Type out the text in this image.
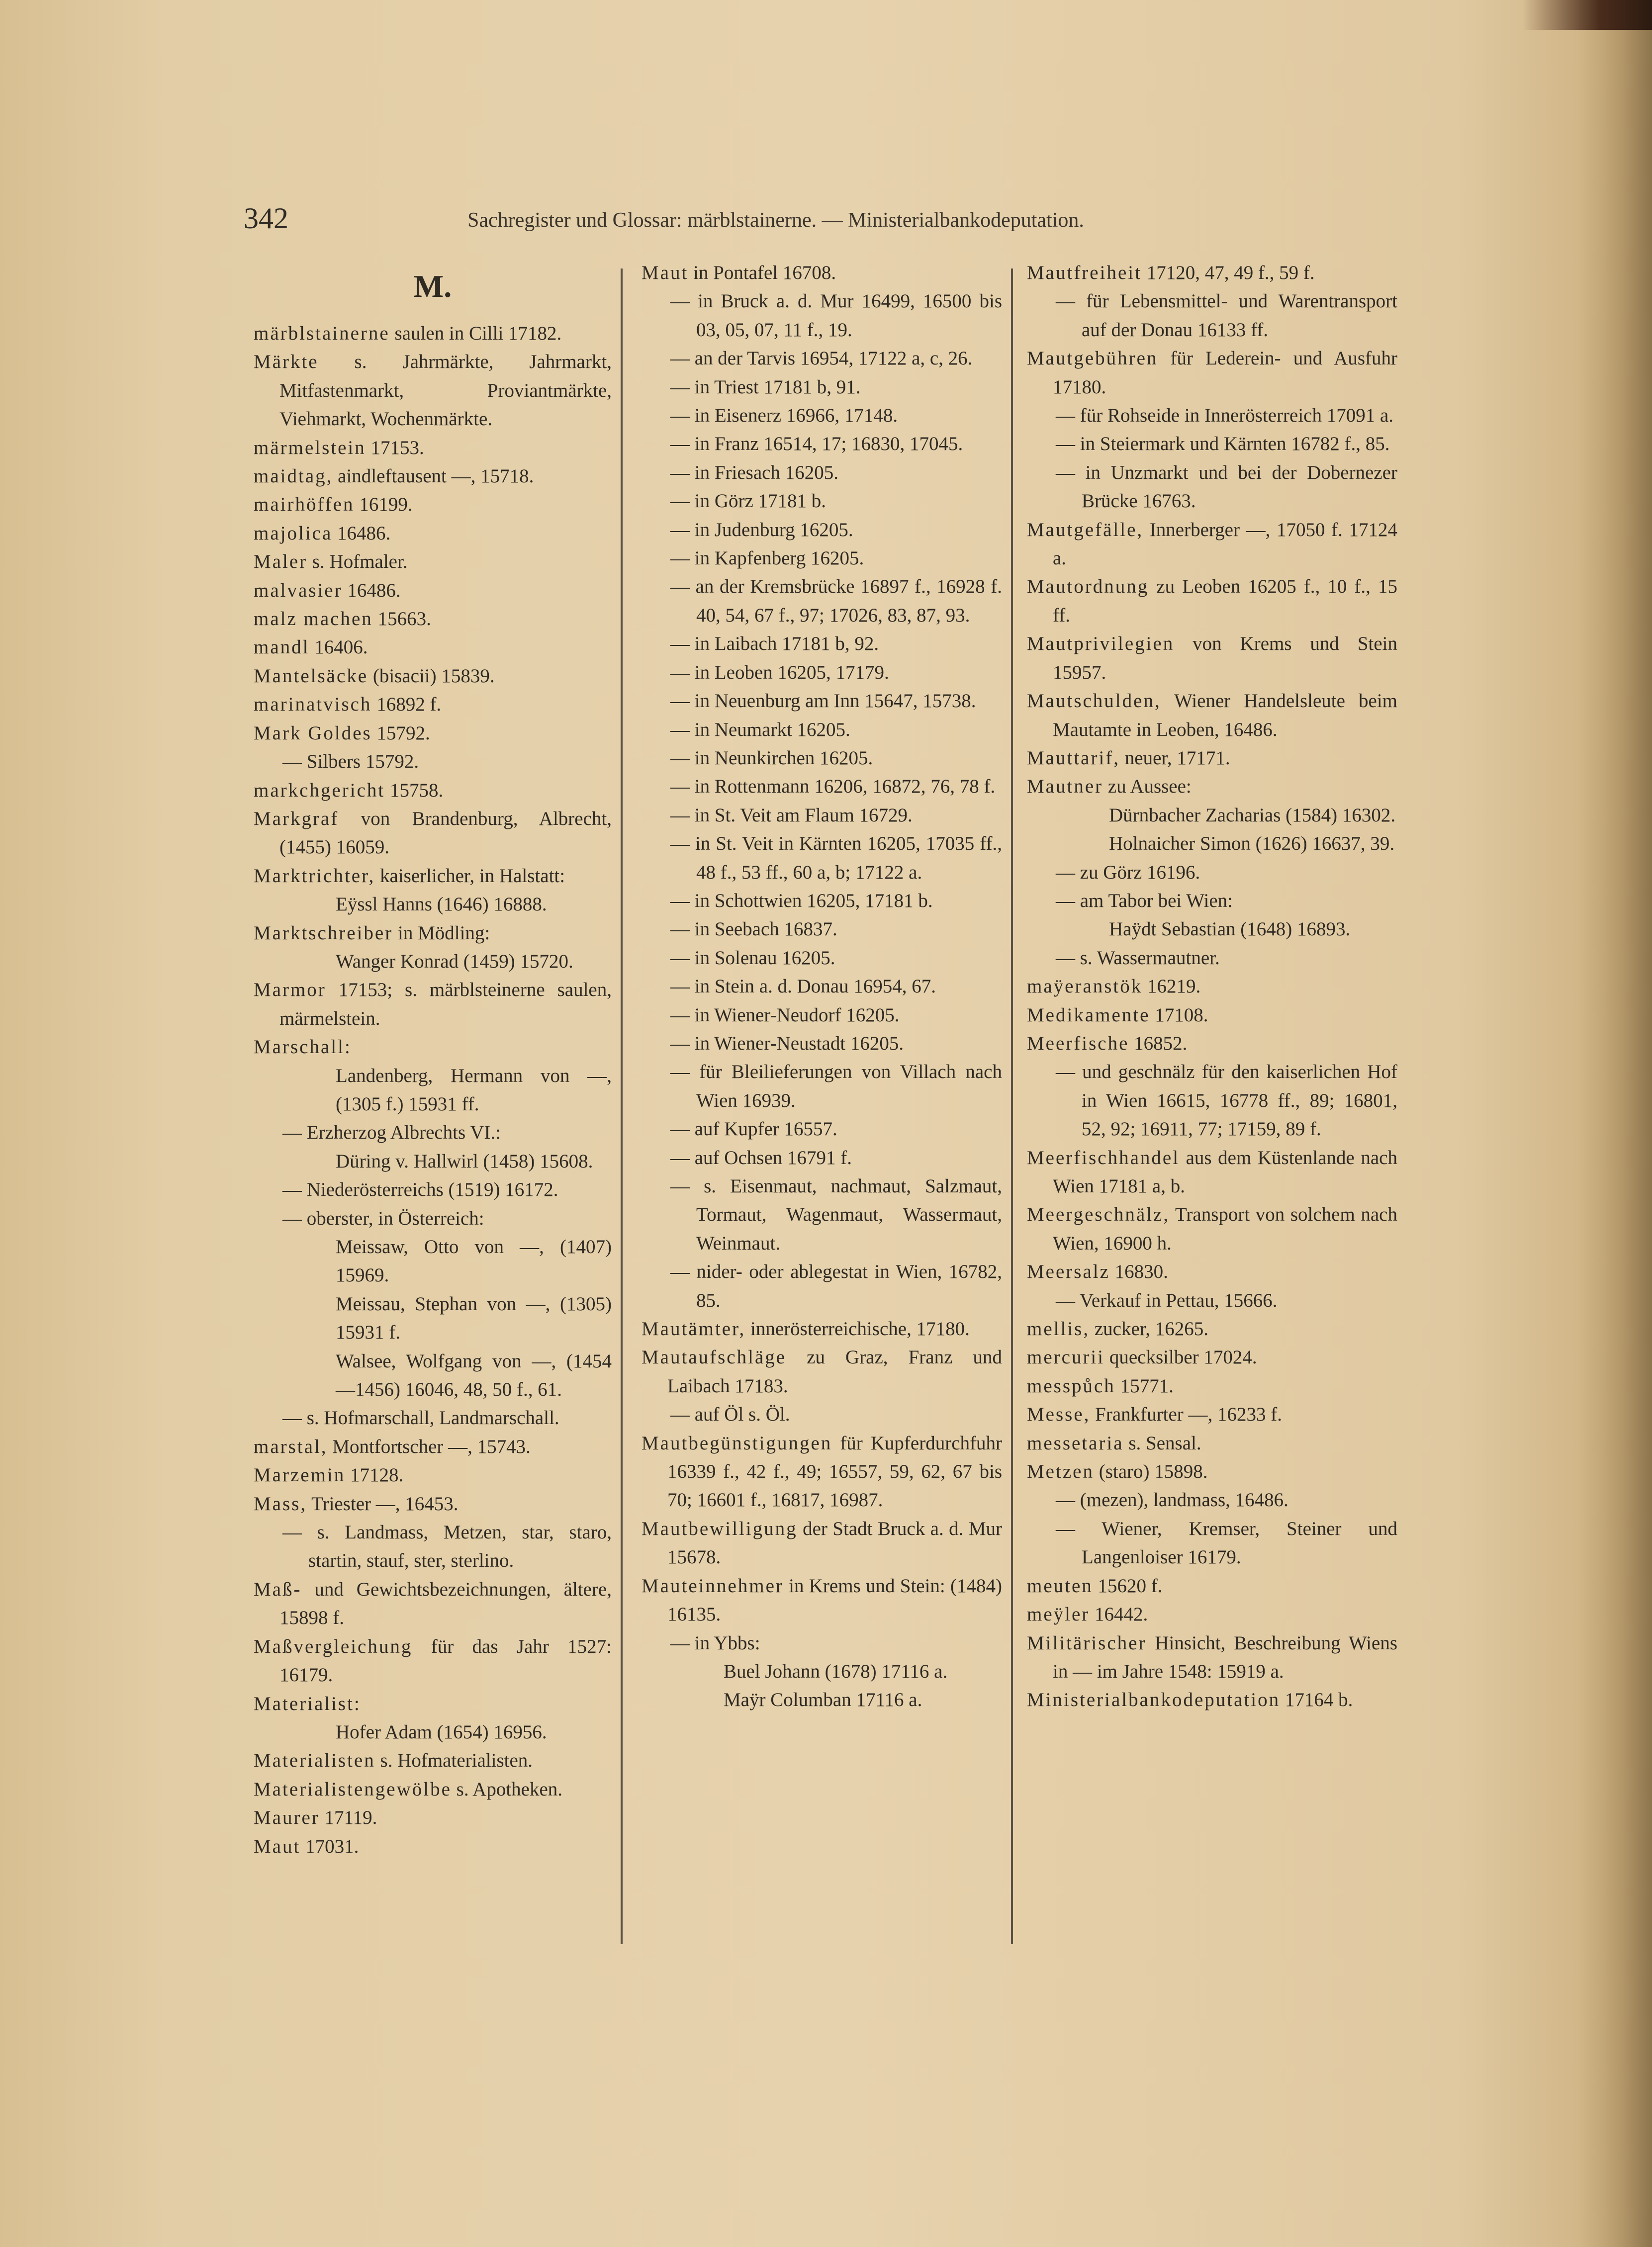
342	Sachregister und Glossar: märblstainerne. — Ministerialbankodeputation.
M.

märblstainerne saulen in Cilli 17182.

Märkte s. Jahrmärkte, Jahrmarkt, Mitfastenmarkt, Proviantmärkte, Viehmarkt, Wochenmärkte.

märmelstein 17153.

maidtag, aindleftausent —, 15718.

mairhöffen 16199.

majolica 16486.

Maler s. Hofmaler.

malvasier 16486.

malz machen 15663.

mandl 16406.

Mantelsäcke (bisacii) 15839.

marinatvisch 16892 f.

Mark Goldes 15792.

— Silbers 15792.

markchgericht 15758.

Markgraf von Brandenburg, Albrecht, (1455) 16059.

Marktrichter, kaiserlicher, in Halstatt:

Eÿssl Hanns (1646) 16888.

Marktschreiber in Mödling:

Wanger Konrad (1459) 15720.

Marmor 17153; s. märblsteinerne saulen, märmelstein.

Marschall:

Landenberg, Hermann von —, (1305 f.) 15931 ff.

— Erzherzog Albrechts VI.:

Düring v. Hallwirl (1458) 15608.

— Niederösterreichs (1519) 16172.

— oberster, in Österreich:

Meissaw, Otto von —, (1407) 15969.

Meissau, Stephan von —, (1305) 15931 f.

Walsee, Wolfgang von —, (1454 —1456) 16046, 48, 50 f., 61.

— s. Hofmarschall, Landmarschall.

marstal, Montfortscher —, 15743.

Marzemin 17128.

Mass, Triester —, 16453.

— s. Landmass, Metzen, star, staro, startin, stauf, ster, sterlino.

Maß- und Gewichtsbezeichnungen, ältere, 15898 f.

Maßvergleichung für das Jahr 1527: 16179.

Materialist:

Hofer Adam (1654) 16956.

Materialisten s. Hofmaterialisten.

Materialistengewölbe s. Apotheken.

Maurer 17119.

Maut 17031.

Maut in Pontafel 16708.

— in Bruck a. d. Mur 16499, 16500 bis 03, 05, 07, 11 f., 19.

— an der Tarvis 16954, 17122 a, c, 26.

— in Triest 17181 b, 91.

— in Eisenerz 16966, 17148.

— in Franz 16514, 17; 16830, 17045.

— in Friesach 16205.

— in Görz 17181 b.

— in Judenburg 16205.

— in Kapfenberg 16205.

— an der Kremsbrücke 16897 f., 16928 f. 40, 54, 67 f., 97; 17026, 83, 87, 93.

— in Laibach 17181 b, 92.

— in Leoben 16205, 17179.

— in Neuenburg am Inn 15647, 15738.

— in Neumarkt 16205.

— in Neunkirchen 16205.

— in Rottenmann 16206, 16872, 76, 78 f.

— in St. Veit am Flaum 16729.

— in St. Veit in Kärnten 16205, 17035 ff., 48 f., 53 ff., 60 a, b; 17122 a.

— in Schottwien 16205, 17181 b.

— in Seebach 16837.

— in Solenau 16205.

— in Stein a. d. Donau 16954, 67.

— in Wiener-Neudorf 16205.

— in Wiener-Neustadt 16205.

— für Bleilieferungen von Villach nach Wien 16939.

— auf Kupfer 16557.

— auf Ochsen 16791 f.

— s. Eisenmaut, nachmaut, Salzmaut, Tormaut, Wagenmaut, Wassermaut, Weinmaut.

— nider- oder ablegestat in Wien, 16782, 85.

Mautämter, innerösterreichische, 17180.

Mautaufschläge zu Graz, Franz und Laibach 17183.

— auf Öl s. Öl.

Mautbegünstigungen für Kupferdurchfuhr 16339 f., 42 f., 49; 16557, 59, 62, 67 bis 70; 16601 f., 16817, 16987.

Mautbewilligung der Stadt Bruck a. d. Mur 15678.

Mauteinnehmer in Krems und Stein: (1484) 16135.

— in Ybbs:

Buel Johann (1678) 17116 a.

Maÿr Columban 17116 a.

Mautfreiheit 17120, 47, 49 f., 59 f.

— für Lebensmittel- und Warentransport auf der Donau 16133 ff.

Mautgebühren für Lederein- und Ausfuhr 17180.

— für Rohseide in Innerösterreich 17091 a.

— in Steiermark und Kärnten 16782 f., 85.

— in Unzmarkt und bei der Dobernezer Brücke 16763.

Mautgefälle, Innerberger —, 17050 f. 17124 a.

Mautordnung zu Leoben 16205 f., 10 f., 15 ff.

Mautprivilegien von Krems und Stein 15957.

Mautschulden, Wiener Handelsleute beim Mautamte in Leoben, 16486.

Mauttarif, neuer, 17171.

Mautner zu Aussee:

Dürnbacher Zacharias (1584) 16302.

Holnaicher Simon (1626) 16637, 39.

— zu Görz 16196.

— am Tabor bei Wien:

Haÿdt Sebastian (1648) 16893.

— s. Wassermautner.

maÿeranstök 16219.

Medikamente 17108.

Meerfische 16852.

— und geschnälz für den kaiserlichen Hof in Wien 16615, 16778 ff., 89; 16801, 52, 92; 16911, 77; 17159, 89 f.

Meerfischhandel aus dem Küstenlande nach Wien 17181 a, b.

Meergeschnälz, Transport von solchem nach Wien, 16900 h.

Meersalz 16830.

— Verkauf in Pettau, 15666.

mellis, zucker, 16265.

mercurii quecksilber 17024.

messpůch 15771.

Messe, Frankfurter —, 16233 f.

messetaria s. Sensal.

Metzen (staro) 15898.

— (mezen), landmass, 16486.

— Wiener, Kremser, Steiner und Langenloiser 16179.

meuten 15620 f.

meÿler 16442.

Militärischer Hinsicht, Beschreibung Wiens in — im Jahre 1548: 15919 a.

Ministerialbankodeputation 17164 b.
